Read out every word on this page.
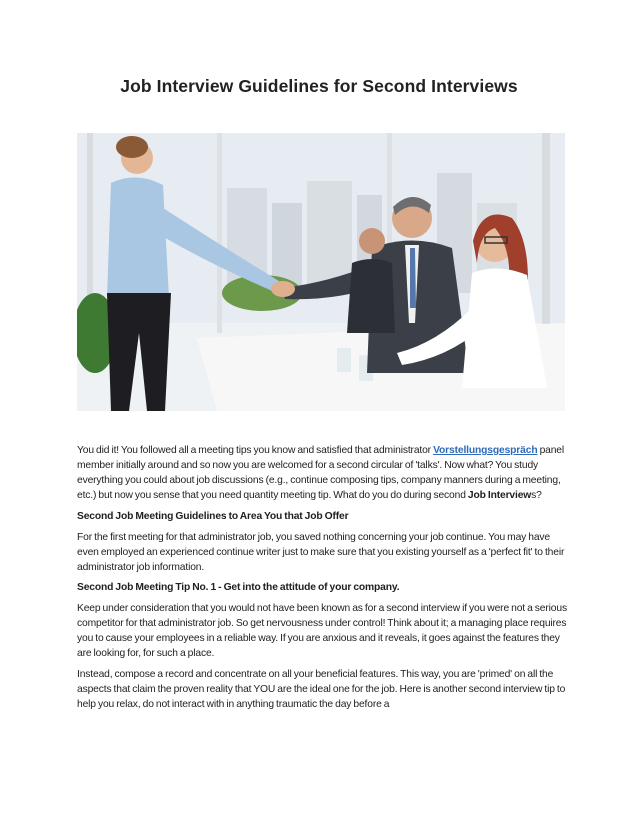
Job Interview Guidelines for Second Interviews

You did it! You followed all a meeting tips you know and satisfied that administrator Vorstellungsgespräch panel member initially around and so now you are welcomed for a second circular of 'talks'. Now what? You study everything you could about job discussions (e.g., continue composing tips, company manners during a meeting, etc.) but now you sense that you need quantity meeting tip. What do you do during second Job Interviews?

Second Job Meeting Guidelines to Area You that Job Offer

For the first meeting for that administrator job, you saved nothing concerning your job continue. You may have even employed an experienced continue writer just to make sure that you existing yourself as a 'perfect fit' to their administrator job information.

Second Job Meeting Tip No. 1 - Get into the attitude of your company.

Keep under consideration that you would not have been known as for a second interview if you were not a serious competitor for that administrator job. So get nervousness under control! Think about it; a managing place requires you to cause your employees in a reliable way. If you are anxious and it reveals, it goes against the features they are looking for, for such a place.

Instead, compose a record and concentrate on all your beneficial features. This way, you are 'primed' on all the aspects that claim the proven reality that YOU are the ideal one for the job. Here is another second interview tip to help you relax, do not interact with in anything traumatic the day before a
